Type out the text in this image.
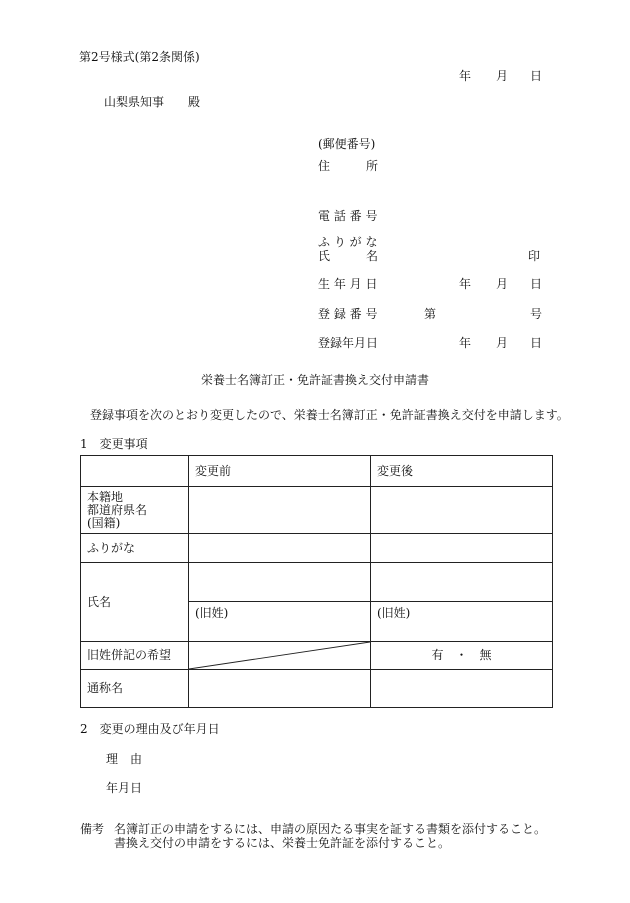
第2号様式(第2条関係)
年 月 日
山梨県知事　　殿
(郵便番号)
住　　　所
電 話 番 号
ふ り が な
氏　　　名	印
生 年 月 日	年 月 日
登 録 番 号	第	号
登録年月日	年 月 日
栄養士名簿訂正・免許証書換え交付申請書
登録事項を次のとおり変更したので、栄養士名簿訂正・免許証書換え交付を申請します。
1　変更事項
	変更前	変更後
本籍地
都道府県名
(国籍)		
ふりがな		
氏名		
	(旧姓)	(旧姓)
旧姓併記の希望		有　・　無
通称名		
2　変更の理由及び年月日
理　由
年月日
備考 名簿訂正の申請をするには、申請の原因たる事実を証する書類を添付すること。
書換え交付の申請をするには、栄養士免許証を添付すること。
